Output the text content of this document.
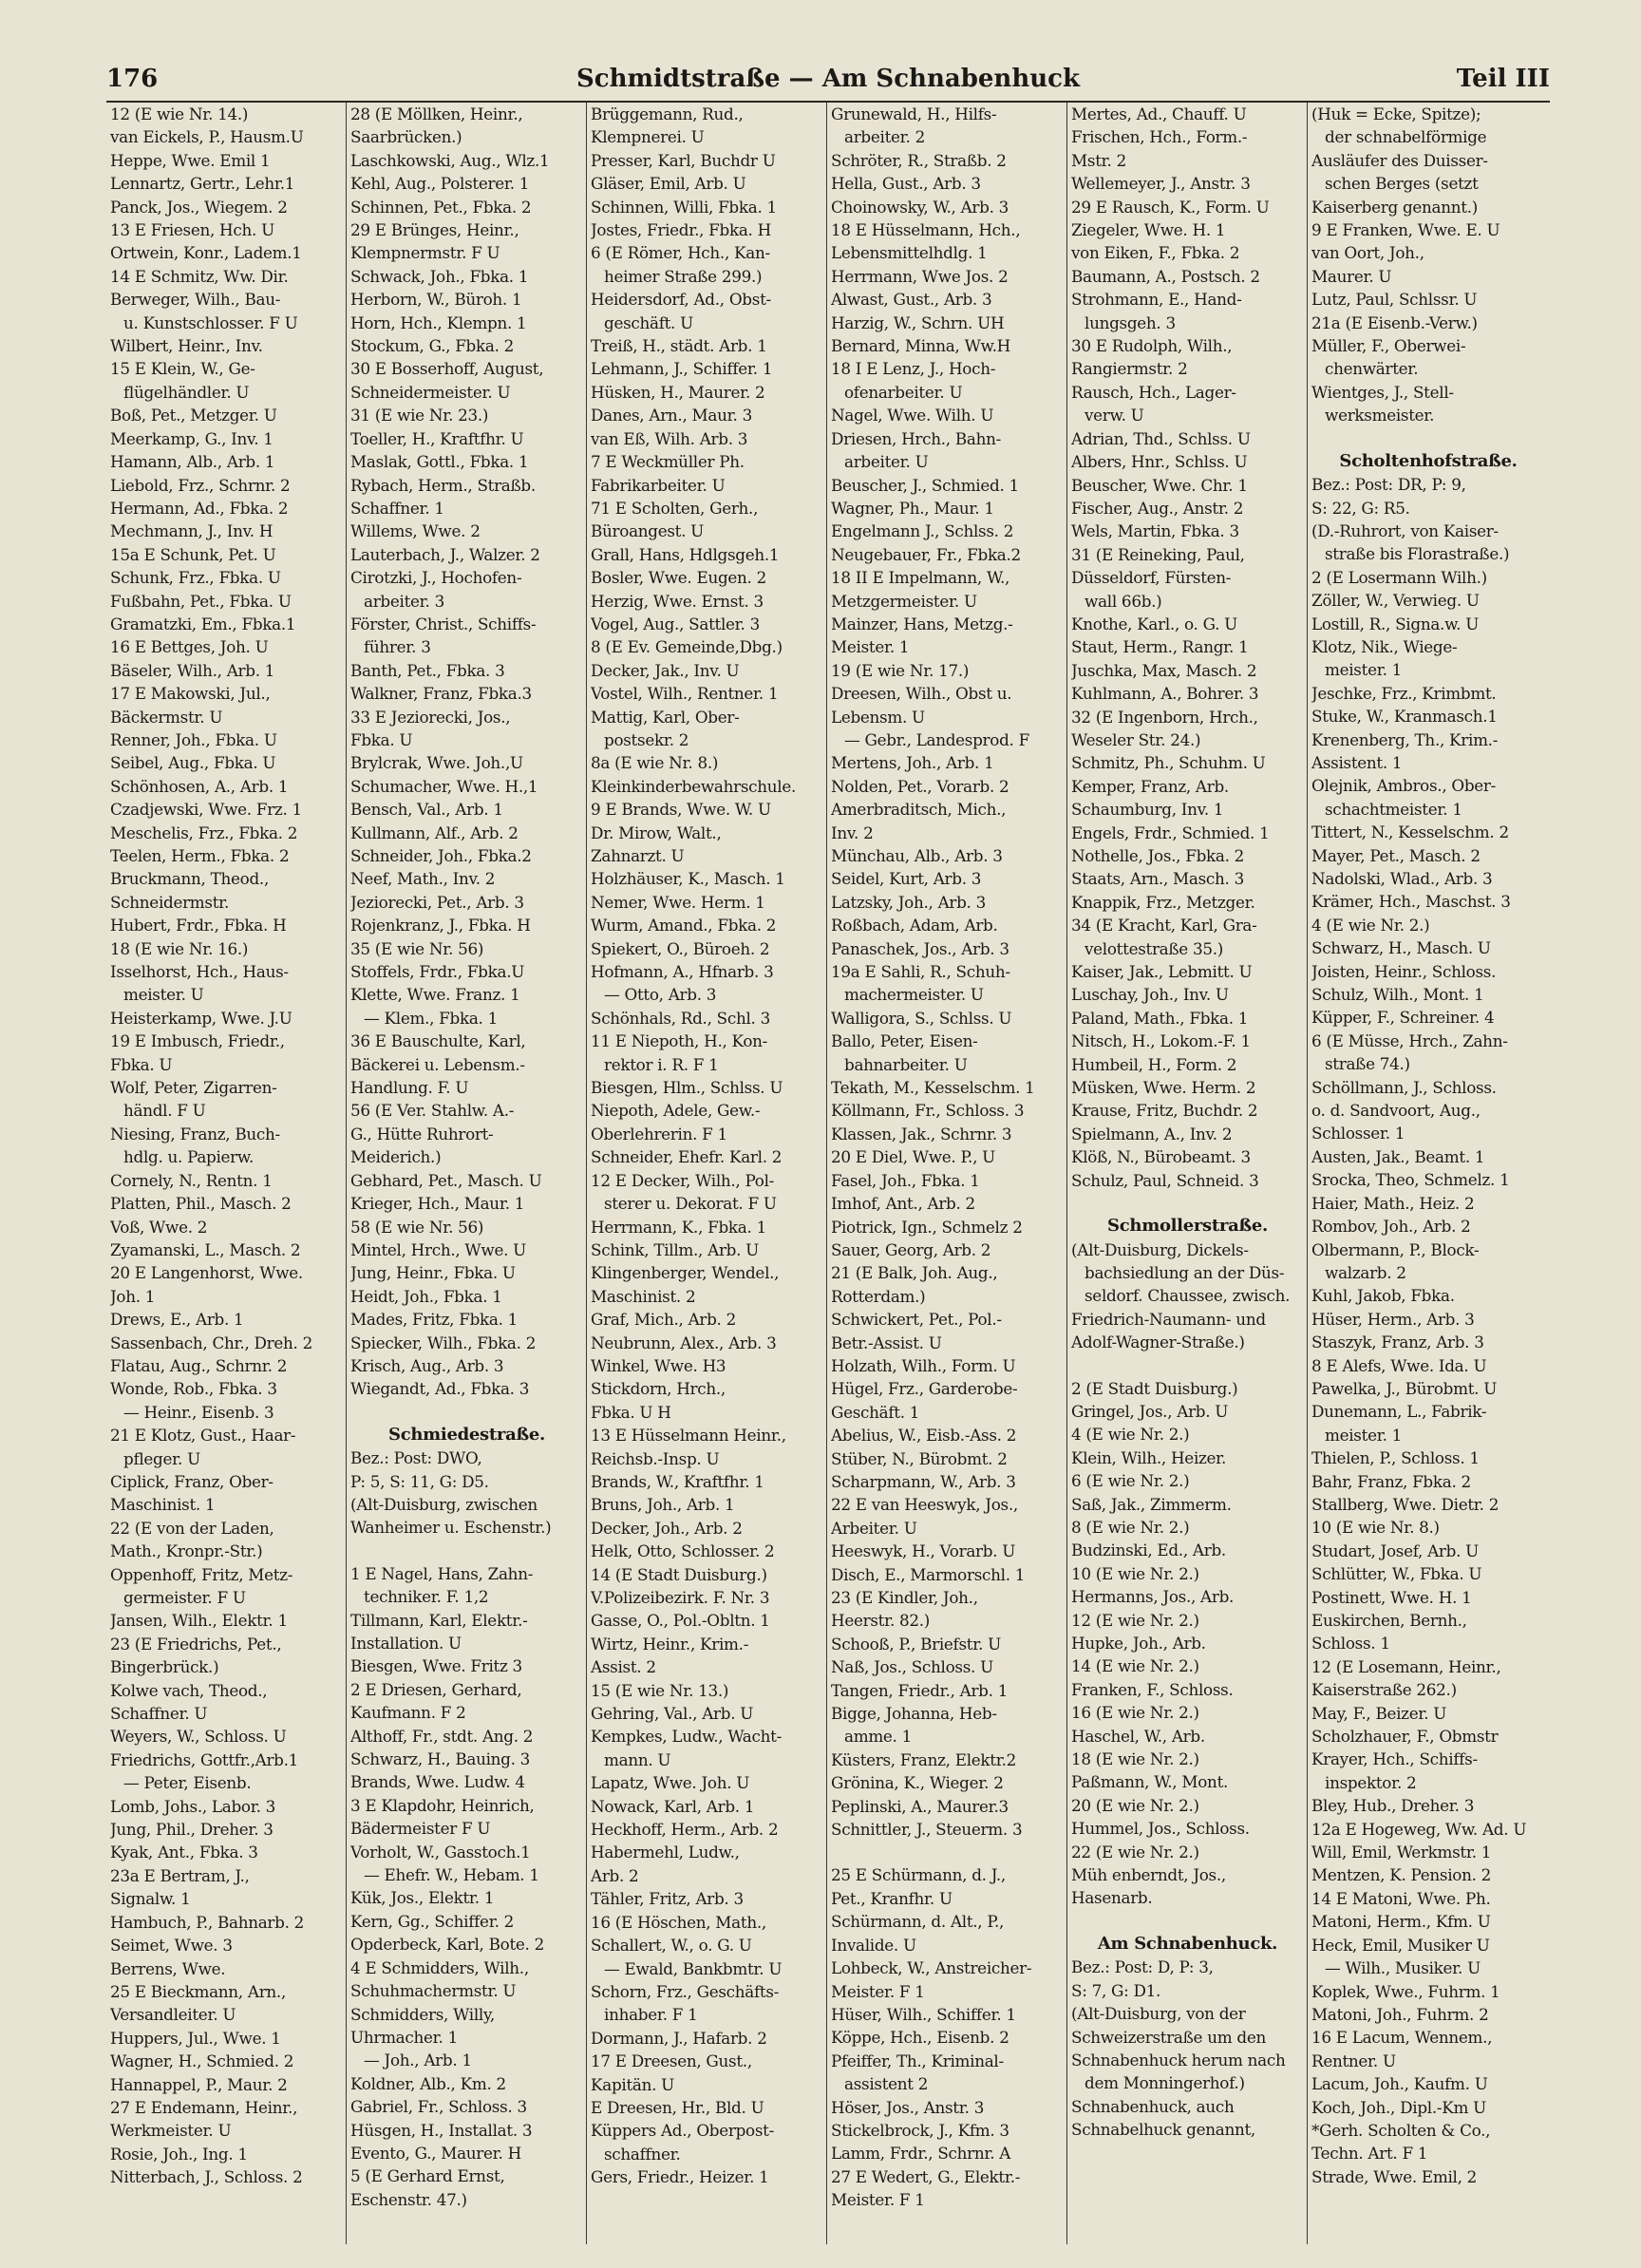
176	Schmidtstraße — Am Schnabenhuck	Teil III
12 (E wie Nr. 14.)
van Eickels, P., Hausm.U
Heppe, Wwe. Emil 1
Lennartz, Gertr., Lehr.1
Panck, Jos., Wiegem. 2
13 E Friesen, Hch. U
Ortwein, Konr., Ladem.1
14 E Schmitz, Ww. Dir.
Berweger, Wilh., Bau-
u. Kunstschlosser. F U
Wilbert, Heinr., Inv.
15 E Klein, W., Ge-
flügelhändler. U
Boß, Pet., Metzger. U
Meerkamp, G., Inv. 1
Hamann, Alb., Arb. 1
Liebold, Frz., Schrnr. 2
Hermann, Ad., Fbka. 2
Mechmann, J., Inv. H
15a E Schunk, Pet. U
Schunk, Frz., Fbka. U
Fußbahn, Pet., Fbka. U
Gramatzki, Em., Fbka.1
16 E Bettges, Joh. U
Bäseler, Wilh., Arb. 1
17 E Makowski, Jul.,
Bäckermstr. U
Renner, Joh., Fbka. U
Seibel, Aug., Fbka. U
Schönhosen, A., Arb. 1
Czadjewski, Wwe. Frz. 1
Meschelis, Frz., Fbka. 2
Teelen, Herm., Fbka. 2
Bruckmann, Theod.,
Schneidermstr.
Hubert, Frdr., Fbka. H
18 (E wie Nr. 16.)
Isselhorst, Hch., Haus-
meister. U
Heisterkamp, Wwe. J.U
19 E Imbusch, Friedr.,
Fbka. U
Wolf, Peter, Zigarren-
händl. F U
Niesing, Franz, Buch-
hdlg. u. Papierw.
Cornely, N., Rentn. 1
Platten, Phil., Masch. 2
Voß, Wwe. 2
Zyamanski, L., Masch. 2
20 E Langenhorst, Wwe.
Joh. 1
Drews, E., Arb. 1
Sassenbach, Chr., Dreh. 2
Flatau, Aug., Schrnr. 2
Wonde, Rob., Fbka. 3
— Heinr., Eisenb. 3
21 E Klotz, Gust., Haar-
pfleger. U
Ciplick, Franz, Ober-
Maschinist. 1
22 (E von der Laden,
Math., Kronpr.-Str.)
Oppenhoff, Fritz, Metz-
germeister. F U
Jansen, Wilh., Elektr. 1
23 (E Friedrichs, Pet.,
Bingerbrück.)
Kolwe vach, Theod.,
Schaffner. U
Weyers, W., Schloss. U
Friedrichs, Gottfr.,Arb.1
— Peter, Eisenb.
Lomb, Johs., Labor. 3
Jung, Phil., Dreher. 3
Kyak, Ant., Fbka. 3
23a E Bertram, J.,
Signalw. 1
Hambuch, P., Bahnarb. 2
Seimet, Wwe. 3
Berrens, Wwe.
25 E Bieckmann, Arn.,
Versandleiter. U
Huppers, Jul., Wwe. 1
Wagner, H., Schmied. 2
Hannappel, P., Maur. 2
27 E Endemann, Heinr.,
Werkmeister. U
Rosie, Joh., Ing. 1
Nitterbach, J., Schloss. 2
28 (E Möllken, Heinr.,
Saarbrücken.)
Laschkowski, Aug., Wlz.1
Kehl, Aug., Polsterer. 1
Schinnen, Pet., Fbka. 2
29 E Brünges, Heinr.,
Klempnermstr. F U
Schwack, Joh., Fbka. 1
Herborn, W., Büroh. 1
Horn, Hch., Klempn. 1
Stockum, G., Fbka. 2
30 E Bosserhoff, August,
Schneidermeister. U
31 (E wie Nr. 23.)
Toeller, H., Kraftfhr. U
Maslak, Gottl., Fbka. 1
Rybach, Herm., Straßb.
Schaffner. 1
Willems, Wwe. 2
Lauterbach, J., Walzer. 2
Cirotzki, J., Hochofen-
arbeiter. 3
Förster, Christ., Schiffs-
führer. 3
Banth, Pet., Fbka. 3
Walkner, Franz, Fbka.3
33 E Jeziorecki, Jos.,
Fbka. U
Brylcrak, Wwe. Joh.,U
Schumacher, Wwe. H.,1
Bensch, Val., Arb. 1
Kullmann, Alf., Arb. 2
Schneider, Joh., Fbka.2
Neef, Math., Inv. 2
Jeziorecki, Pet., Arb. 3
Rojenkranz, J., Fbka. H
35 (E wie Nr. 56)
Stoffels, Frdr., Fbka.U
Klette, Wwe. Franz. 1
— Klem., Fbka. 1
36 E Bauschulte, Karl,
Bäckerei u. Lebensm.-
Handlung. F. U
56 (E Ver. Stahlw. A.-
G., Hütte Ruhrort-
Meiderich.)
Gebhard, Pet., Masch. U
Krieger, Hch., Maur. 1
58 (E wie Nr. 56)
Mintel, Hrch., Wwe. U
Jung, Heinr., Fbka. U
Heidt, Joh., Fbka. 1
Mades, Fritz, Fbka. 1
Spiecker, Wilh., Fbka. 2
Krisch, Aug., Arb. 3
Wiegandt, Ad., Fbka. 3
Schmiedestraße.
Bez.: Post: DWO,
P: 5, S: 11, G: D5.
(Alt-Duisburg, zwischen
Wanheimer u. Eschenstr.)
1 E Nagel, Hans, Zahn-
techniker. F. 1,2
Tillmann, Karl, Elektr.-
Installation. U
Biesgen, Wwe. Fritz 3
2 E Driesen, Gerhard,
Kaufmann. F 2
Althoff, Fr., stdt. Ang. 2
Schwarz, H., Bauing. 3
Brands, Wwe. Ludw. 4
3 E Klapdohr, Heinrich,
Bädermeister F U
Vorholt, W., Gasstoch.1
— Ehefr. W., Hebam. 1
Kük, Jos., Elektr. 1
Kern, Gg., Schiffer. 2
Opderbeck, Karl, Bote. 2
4 E Schmidders, Wilh.,
Schuhmachermstr. U
Schmidders, Willy,
Uhrmacher. 1
— Joh., Arb. 1
Koldner, Alb., Km. 2
Gabriel, Fr., Schloss. 3
Hüsgen, H., Installat. 3
Evento, G., Maurer. H
5 (E Gerhard Ernst,
Eschenstr. 47.)
Brüggemann, Rud.,
Klempnerei. U
Presser, Karl, Buchdr U
Gläser, Emil, Arb. U
Schinnen, Willi, Fbka. 1
Jostes, Friedr., Fbka. H
6 (E Römer, Hch., Kan-
heimer Straße 299.)
Heidersdorf, Ad., Obst-
geschäft. U
Treiß, H., städt. Arb. 1
Lehmann, J., Schiffer. 1
Hüsken, H., Maurer. 2
Danes, Arn., Maur. 3
van Eß, Wilh. Arb. 3
7 E Weckmüller Ph.
Fabrikarbeiter. U
71 E Scholten, Gerh.,
Büroangest. U
Grall, Hans, Hdlgsgeh.1
Bosler, Wwe. Eugen. 2
Herzig, Wwe. Ernst. 3
Vogel, Aug., Sattler. 3
8 (E Ev. Gemeinde,Dbg.)
Decker, Jak., Inv. U
Vostel, Wilh., Rentner. 1
Mattig, Karl, Ober-
postsekr. 2
8a (E wie Nr. 8.)
Kleinkinderbewahrschule.
9 E Brands, Wwe. W. U
Dr. Mirow, Walt.,
Zahnarzt. U
Holzhäuser, K., Masch. 1
Nemer, Wwe. Herm. 1
Wurm, Amand., Fbka. 2
Spiekert, O., Büroeh. 2
Hofmann, A., Hfnarb. 3
— Otto, Arb. 3
Schönhals, Rd., Schl. 3
11 E Niepoth, H., Kon-
rektor i. R. F 1
Biesgen, Hlm., Schlss. U
Niepoth, Adele, Gew.-
Oberlehrerin. F 1
Schneider, Ehefr. Karl. 2
12 E Decker, Wilh., Pol-
sterer u. Dekorat. F U
Herrmann, K., Fbka. 1
Schink, Tillm., Arb. U
Klingenberger, Wendel.,
Maschinist. 2
Graf, Mich., Arb. 2
Neubrunn, Alex., Arb. 3
Winkel, Wwe. H3
Stickdorn, Hrch.,
Fbka. U H
13 E Hüsselmann Heinr.,
Reichsb.-Insp. U
Brands, W., Kraftfhr. 1
Bruns, Joh., Arb. 1
Decker, Joh., Arb. 2
Helk, Otto, Schlosser. 2
14 (E Stadt Duisburg.)
V.Polizeibezirk. F. Nr. 3
Gasse, O., Pol.-Obltn. 1
Wirtz, Heinr., Krim.-
Assist. 2
15 (E wie Nr. 13.)
Gehring, Val., Arb. U
Kempkes, Ludw., Wacht-
mann. U
Lapatz, Wwe. Joh. U
Nowack, Karl, Arb. 1
Heckhoff, Herm., Arb. 2
Habermehl, Ludw.,
Arb. 2
Tähler, Fritz, Arb. 3
16 (E Höschen, Math.,
Schallert, W., o. G. U
— Ewald, Bankbmtr. U
Schorn, Frz., Geschäfts-
inhaber. F 1
Dormann, J., Hafarb. 2
17 E Dreesen, Gust.,
Kapitän. U
E Dreesen, Hr., Bld. U
Küppers Ad., Oberpost-
schaffner.
Gers, Friedr., Heizer. 1
Grunewald, H., Hilfs-
arbeiter. 2
Schröter, R., Straßb. 2
Hella, Gust., Arb. 3
Choinowsky, W., Arb. 3
18 E Hüsselmann, Hch.,
Lebensmittelhdlg. 1
Herrmann, Wwe Jos. 2
Alwast, Gust., Arb. 3
Harzig, W., Schrn. UH
Bernard, Minna, Ww.H
18 I E Lenz, J., Hoch-
ofenarbeiter. U
Nagel, Wwe. Wilh. U
Driesen, Hrch., Bahn-
arbeiter. U
Beuscher, J., Schmied. 1
Wagner, Ph., Maur. 1
Engelmann J., Schlss. 2
Neugebauer, Fr., Fbka.2
18 II E Impelmann, W.,
Metzgermeister. U
Mainzer, Hans, Metzg.-
Meister. 1
19 (E wie Nr. 17.)
Dreesen, Wilh., Obst u.
Lebensm. U
— Gebr., Landesprod. F
Mertens, Joh., Arb. 1
Nolden, Pet., Vorarb. 2
Amerbraditsch, Mich.,
Inv. 2
Münchau, Alb., Arb. 3
Seidel, Kurt, Arb. 3
Latzsky, Joh., Arb. 3
Roßbach, Adam, Arb.
Panaschek, Jos., Arb. 3
19a E Sahli, R., Schuh-
machermeister. U
Walligora, S., Schlss. U
Ballo, Peter, Eisen-
bahnarbeiter. U
Tekath, M., Kesselschm. 1
Köllmann, Fr., Schloss. 3
Klassen, Jak., Schrnr. 3
20 E Diel, Wwe. P., U
Fasel, Joh., Fbka. 1
Imhof, Ant., Arb. 2
Piotrick, Ign., Schmelz 2
Sauer, Georg, Arb. 2
21 (E Balk, Joh. Aug.,
Rotterdam.)
Schwickert, Pet., Pol.-
Betr.-Assist. U
Holzath, Wilh., Form. U
Hügel, Frz., Garderobe-
Geschäft. 1
Abelius, W., Eisb.-Ass. 2
Stüber, N., Bürobmt. 2
Scharpmann, W., Arb. 3
22 E van Heeswyk, Jos.,
Arbeiter. U
Heeswyk, H., Vorarb. U
Disch, E., Marmorschl. 1
23 (E Kindler, Joh.,
Heerstr. 82.)
Schooß, P., Briefstr. U
Naß, Jos., Schloss. U
Tangen, Friedr., Arb. 1
Bigge, Johanna, Heb-
amme. 1
Küsters, Franz, Elektr.2
Grönina, K., Wieger. 2
Peplinski, A., Maurer.3
Schnittler, J., Steuerm. 3
25 E Schürmann, d. J.,
Pet., Kranfhr. U
Schürmann, d. Alt., P.,
Invalide. U
Lohbeck, W., Anstreicher-
Meister. F 1
Hüser, Wilh., Schiffer. 1
Köppe, Hch., Eisenb. 2
Pfeiffer, Th., Kriminal-
assistent 2
Höser, Jos., Anstr. 3
Stickelbrock, J., Kfm. 3
Lamm, Frdr., Schrnr. A
27 E Wedert, G., Elektr.-
Meister. F 1
Mertes, Ad., Chauff. U
Frischen, Hch., Form.-
Mstr. 2
Wellemeyer, J., Anstr. 3
29 E Rausch, K., Form. U
Ziegeler, Wwe. H. 1
von Eiken, F., Fbka. 2
Baumann, A., Postsch. 2
Strohmann, E., Hand-
lungsgeh. 3
30 E Rudolph, Wilh.,
Rangiermstr. 2
Rausch, Hch., Lager-
verw. U
Adrian, Thd., Schlss. U
Albers, Hnr., Schlss. U
Beuscher, Wwe. Chr. 1
Fischer, Aug., Anstr. 2
Wels, Martin, Fbka. 3
31 (E Reineking, Paul,
Düsseldorf, Fürsten-
wall 66b.)
Knothe, Karl., o. G. U
Staut, Herm., Rangr. 1
Juschka, Max, Masch. 2
Kuhlmann, A., Bohrer. 3
32 (E Ingenborn, Hrch.,
Weseler Str. 24.)
Schmitz, Ph., Schuhm. U
Kemper, Franz, Arb.
Schaumburg, Inv. 1
Engels, Frdr., Schmied. 1
Nothelle, Jos., Fbka. 2
Staats, Arn., Masch. 3
Knappik, Frz., Metzger.
34 (E Kracht, Karl, Gra-
velottestraße 35.)
Kaiser, Jak., Lebmitt. U
Luschay, Joh., Inv. U
Paland, Math., Fbka. 1
Nitsch, H., Lokom.-F. 1
Humbeil, H., Form. 2
Müsken, Wwe. Herm. 2
Krause, Fritz, Buchdr. 2
Spielmann, A., Inv. 2
Klöß, N., Bürobeamt. 3
Schulz, Paul, Schneid. 3
Schmollerstraße.
(Alt-Duisburg, Dickels-
bachsiedlung an der Düs-
seldorf. Chaussee, zwisch.
Friedrich-Naumann- und
Adolf-Wagner-Straße.)
2 (E Stadt Duisburg.)
Gringel, Jos., Arb. U
4 (E wie Nr. 2.)
Klein, Wilh., Heizer.
6 (E wie Nr. 2.)
Saß, Jak., Zimmerm.
8 (E wie Nr. 2.)
Budzinski, Ed., Arb.
10 (E wie Nr. 2.)
Hermanns, Jos., Arb.
12 (E wie Nr. 2.)
Hupke, Joh., Arb.
14 (E wie Nr. 2.)
Franken, F., Schloss.
16 (E wie Nr. 2.)
Haschel, W., Arb.
18 (E wie Nr. 2.)
Paßmann, W., Mont.
20 (E wie Nr. 2.)
Hummel, Jos., Schloss.
22 (E wie Nr. 2.)
Müh enberndt, Jos.,
Hasenarb.
Am Schnabenhuck.
Bez.: Post: D, P: 3,
S: 7, G: D1.
(Alt-Duisburg, von der
Schweizerstraße um den
Schnabenhuck herum nach
dem Monningerhof.)
Schnabenhuck, auch
Schnabelhuck genannt,
(Huk = Ecke, Spitze);
der schnabelförmige
Ausläufer des Duisser-
schen Berges (setzt
Kaiserberg genannt.)
9 E Franken, Wwe. E. U
van Oort, Joh.,
Maurer. U
Lutz, Paul, Schlssr. U
21a (E Eisenb.-Verw.)
Müller, F., Oberwei-
chenwärter.
Wientges, J., Stell-
werksmeister.
Scholtenhofstraße.
Bez.: Post: DR, P: 9,
S: 22, G: R5.
(D.-Ruhrort, von Kaiser-
straße bis Florastraße.)
2 (E Losermann Wilh.)
Zöller, W., Verwieg. U
Lostill, R., Signa.w. U
Klotz, Nik., Wiege-
meister. 1
Jeschke, Frz., Krimbmt.
Stuke, W., Kranmasch.1
Krenenberg, Th., Krim.-
Assistent. 1
Olejnik, Ambros., Ober-
schachtmeister. 1
Tittert, N., Kesselschm. 2
Mayer, Pet., Masch. 2
Nadolski, Wlad., Arb. 3
Krämer, Hch., Maschst. 3
4 (E wie Nr. 2.)
Schwarz, H., Masch. U
Joisten, Heinr., Schloss.
Schulz, Wilh., Mont. 1
Küpper, F., Schreiner. 4
6 (E Müsse, Hrch., Zahn-
straße 74.)
Schöllmann, J., Schloss.
o. d. Sandvoort, Aug.,
Schlosser. 1
Austen, Jak., Beamt. 1
Srocka, Theo, Schmelz. 1
Haier, Math., Heiz. 2
Rombov, Joh., Arb. 2
Olbermann, P., Block-
walzarb. 2
Kuhl, Jakob, Fbka.
Hüser, Herm., Arb. 3
Staszyk, Franz, Arb. 3
8 E Alefs, Wwe. Ida. U
Pawelka, J., Bürobmt. U
Dunemann, L., Fabrik-
meister. 1
Thielen, P., Schloss. 1
Bahr, Franz, Fbka. 2
Stallberg, Wwe. Dietr. 2
10 (E wie Nr. 8.)
Studart, Josef, Arb. U
Schlütter, W., Fbka. U
Postinett, Wwe. H. 1
Euskirchen, Bernh.,
Schloss. 1
12 (E Losemann, Heinr.,
Kaiserstraße 262.)
May, F., Beizer. U
Scholzhauer, F., Obmstr
Krayer, Hch., Schiffs-
inspektor. 2
Bley, Hub., Dreher. 3
12a E Hogeweg, Ww. Ad. U
Will, Emil, Werkmstr. 1
Mentzen, K. Pension. 2
14 E Matoni, Wwe. Ph.
Matoni, Herm., Kfm. U
Heck, Emil, Musiker U
— Wilh., Musiker. U
Koplek, Wwe., Fuhrm. 1
Matoni, Joh., Fuhrm. 2
16 E Lacum, Wennem.,
Rentner. U
Lacum, Joh., Kaufm. U
Koch, Joh., Dipl.-Km U
*Gerh. Scholten & Co.,
Techn. Art. F 1
Strade, Wwe. Emil, 2
